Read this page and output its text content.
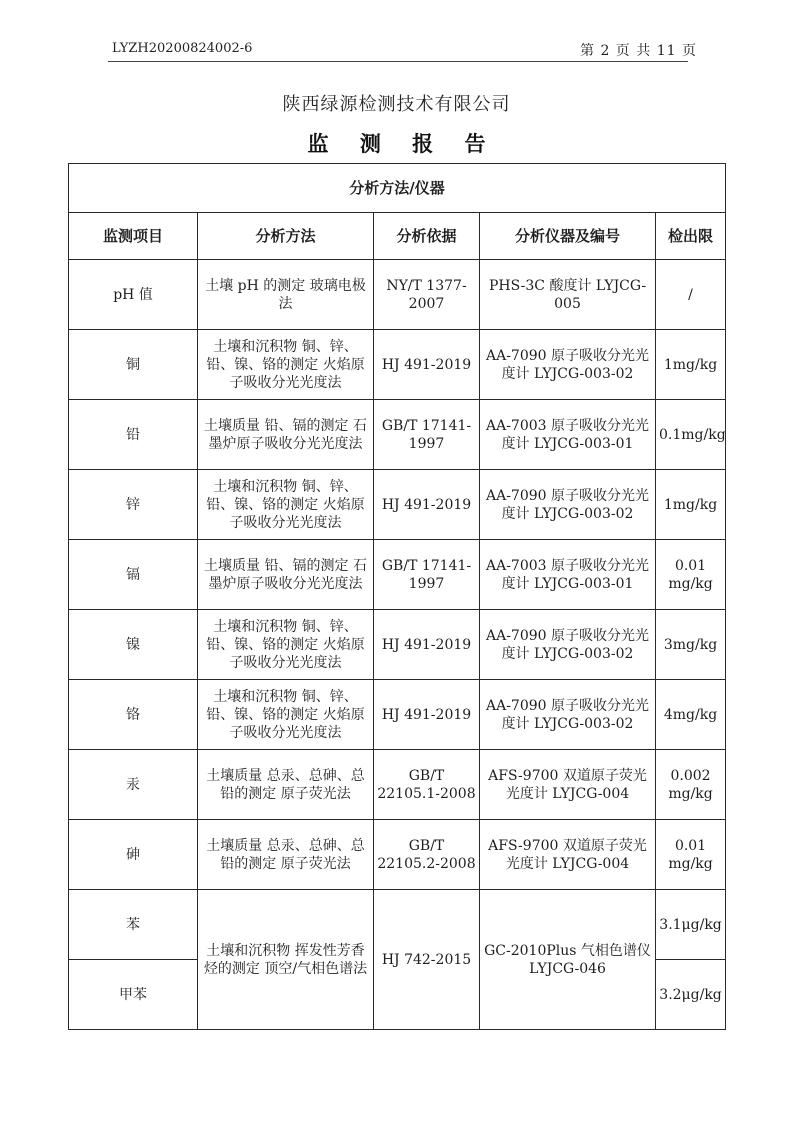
LYZH20200824002-6	第 2 页 共 11 页
陕西绿源检测技术有限公司
监 测 报 告
分析方法/仪器				
监测项目	分析方法	分析依据	分析仪器及编号	检出限
pH 值	土壤 pH 的测定 玻璃电极法	NY/T 1377-2007	PHS-3C 酸度计 LYJCG-005	/
铜	土壤和沉积物 铜、锌、铅、镍、铬的测定 火焰原子吸收分光光度法	HJ 491-2019	AA-7090 原子吸收分光光度计 LYJCG-003-02	1mg/kg
铅	土壤质量 铅、镉的测定 石墨炉原子吸收分光光度法	GB/T 17141-1997	AA-7003 原子吸收分光光度计 LYJCG-003-01	0.1mg/kg
锌	土壤和沉积物 铜、锌、铅、镍、铬的测定 火焰原子吸收分光光度法	HJ 491-2019	AA-7090 原子吸收分光光度计 LYJCG-003-02	1mg/kg
镉	土壤质量 铅、镉的测定 石墨炉原子吸收分光光度法	GB/T 17141-1997	AA-7003 原子吸收分光光度计 LYJCG-003-01	0.01 mg/kg
镍	土壤和沉积物 铜、锌、铅、镍、铬的测定 火焰原子吸收分光光度法	HJ 491-2019	AA-7090 原子吸收分光光度计 LYJCG-003-02	3mg/kg
铬	土壤和沉积物 铜、锌、铅、镍、铬的测定 火焰原子吸收分光光度法	HJ 491-2019	AA-7090 原子吸收分光光度计 LYJCG-003-02	4mg/kg
汞	土壤质量 总汞、总砷、总铅的测定 原子荧光法	GB/T 22105.1-2008	AFS-9700 双道原子荧光光度计 LYJCG-004	0.002 mg/kg
砷	土壤质量 总汞、总砷、总铅的测定 原子荧光法	GB/T 22105.2-2008	AFS-9700 双道原子荧光光度计 LYJCG-004	0.01 mg/kg
苯	土壤和沉积物 挥发性芳香烃的测定 顶空/气相色谱法	HJ 742-2015	GC-2010Plus 气相色谱仪 LYJCG-046	3.1μg/kg
甲苯				3.2μg/kg
